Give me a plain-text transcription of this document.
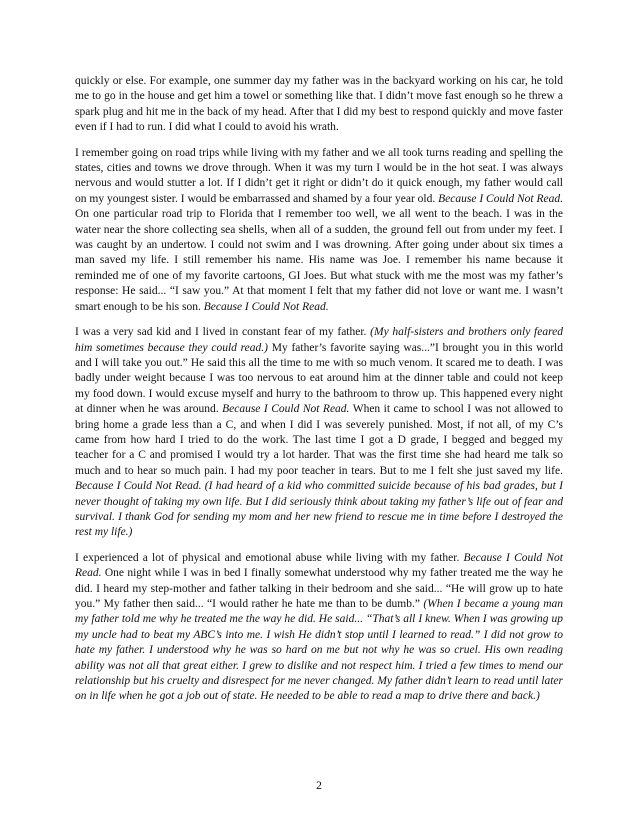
quickly or else. For example, one summer day my father was in the backyard working on his car, he told me to go in the house and get him a towel or something like that. I didn’t move fast enough so he threw a spark plug and hit me in the back of my head. After that I did my best to respond quickly and move faster even if I had to run. I did what I could to avoid his wrath.

I remember going on road trips while living with my father and we all took turns reading and spelling the states, cities and towns we drove through. When it was my turn I would be in the hot seat. I was always nervous and would stutter a lot. If I didn’t get it right or didn’t do it quick enough, my father would call on my youngest sister. I would be embarrassed and shamed by a four year old. Because I Could Not Read. On one particular road trip to Florida that I remember too well, we all went to the beach. I was in the water near the shore collecting sea shells, when all of a sudden, the ground fell out from under my feet. I was caught by an undertow. I could not swim and I was drowning. After going under about six times a man saved my life. I still remember his name. His name was Joe. I remember his name because it reminded me of one of my favorite cartoons, GI Joes. But what stuck with me the most was my father’s response: He said... “I saw you.” At that moment I felt that my father did not love or want me. I wasn’t smart enough to be his son. Because I Could Not Read.

I was a very sad kid and I lived in constant fear of my father. (My half-sisters and brothers only feared him sometimes because they could read.) My father’s favorite saying was...”I brought you in this world and I will take you out.” He said this all the time to me with so much venom. It scared me to death. I was badly under weight because I was too nervous to eat around him at the dinner table and could not keep my food down. I would excuse myself and hurry to the bathroom to throw up. This happened every night at dinner when he was around. Because I Could Not Read. When it came to school I was not allowed to bring home a grade less than a C, and when I did I was severely punished. Most, if not all, of my C’s came from how hard I tried to do the work. The last time I got a D grade, I begged and begged my teacher for a C and promised I would try a lot harder. That was the first time she had heard me talk so much and to hear so much pain. I had my poor teacher in tears. But to me I felt she just saved my life. Because I Could Not Read. (I had heard of a kid who committed suicide because of his bad grades, but I never thought of taking my own life. But I did seriously think about taking my father’s life out of fear and survival. I thank God for sending my mom and her new friend to rescue me in time before I destroyed the rest my life.)

I experienced a lot of physical and emotional abuse while living with my father. Because I Could Not Read. One night while I was in bed I finally somewhat understood why my father treated me the way he did. I heard my step-mother and father talking in their bedroom and she said... “He will grow up to hate you.” My father then said... “I would rather he hate me than to be dumb.” (When I became a young man my father told me why he treated me the way he did. He said... “That’s all I knew. When I was growing up my uncle had to beat my ABC’s into me. I wish He didn’t stop until I learned to read.” I did not grow to hate my father. I understood why he was so hard on me but not why he was so cruel. His own reading ability was not all that great either. I grew to dislike and not respect him. I tried a few times to mend our relationship but his cruelty and disrespect for me never changed. My father didn’t learn to read until later on in life when he got a job out of state. He needed to be able to read a map to drive there and back.)

2
